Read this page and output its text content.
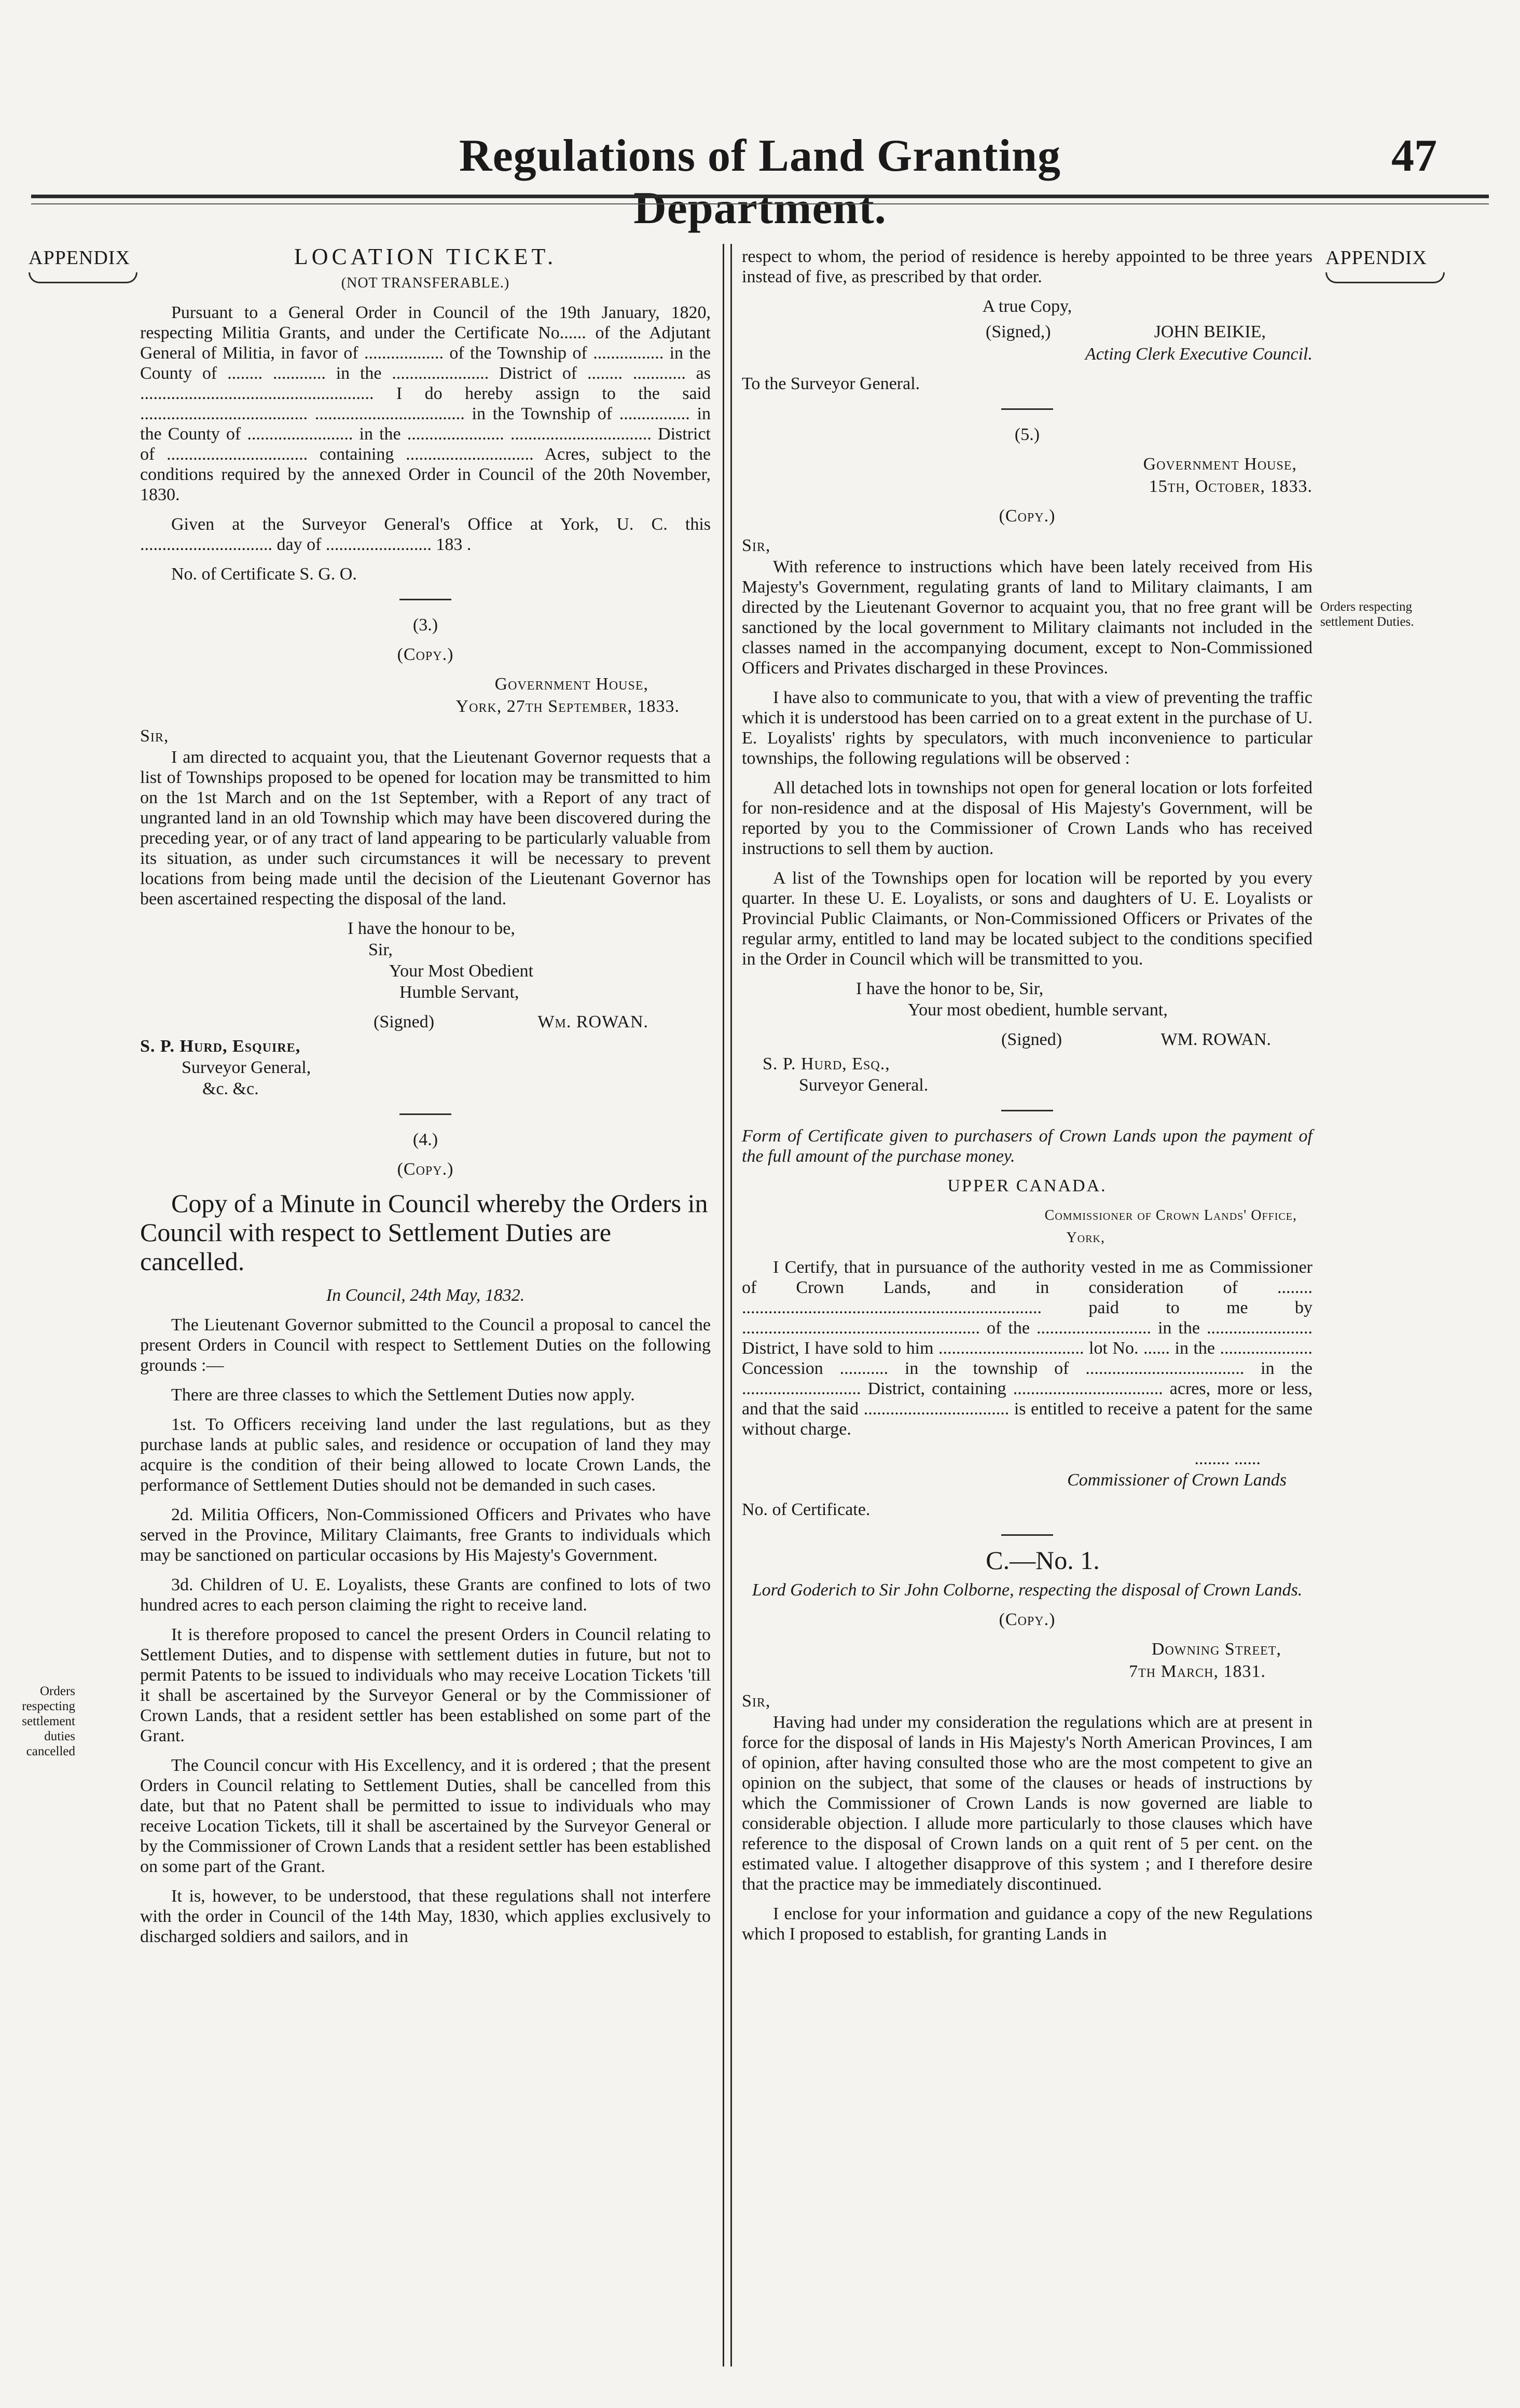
Regulations of Land Granting Department.
47
APPENDIX	APPENDIX
Orders respecting settlement Duties.
Orders respecting settlement duties cancelled
LOCATION TICKET.

(NOT TRANSFERABLE.)

Pursuant to a General Order in Council of the 19th January, 1820, respecting Militia Grants, and under the Certificate No...... of the Adjutant General of Militia, in favor of .................. of the Township of ................ in the County of ........ ............ in the ...................... District of ........ ............ as ..................................................... I do hereby assign to the said ...................................... .................................. in the Township of ................ in the County of ........................ in the ...................... ................................ District of ................................ containing ............................. Acres, subject to the conditions required by the annexed Order in Council of the 20th November, 1830.

Given at the Surveyor General's Office at York, U. C. this .............................. day of ........................ 183 .

No. of Certificate S. G. O.

(3.)

(Copy.)

Government House,

York, 27th September, 1833.

Sir,

I am directed to acquaint you, that the Lieutenant Governor requests that a list of Townships proposed to be opened for location may be transmitted to him on the 1st March and on the 1st September, with a Report of any tract of ungranted land in an old Township which may have been discovered during the preceding year, or of any tract of land appearing to be particularly valuable from its situation, as under such circumstances it will be necessary to prevent locations from being made until the decision of the Lieutenant Governor has been ascertained respecting the disposal of the land.

I have the honour to be,

Sir,

Your Most Obedient

Humble Servant,

(Signed)	Wm. ROWAN.

S. P. Hurd, Esquire,

Surveyor General,

&c. &c.

(4.)

(Copy.)

Copy of a Minute in Council whereby the Orders in Council with respect to Settlement Duties are cancelled.

In Council, 24th May, 1832.

The Lieutenant Governor submitted to the Council a proposal to cancel the present Orders in Council with respect to Settlement Duties on the following grounds :—

There are three classes to which the Settlement Duties now apply.

1st. To Officers receiving land under the last regulations, but as they purchase lands at public sales, and residence or occupation of land they may acquire is the condition of their being allowed to locate Crown Lands, the performance of Settlement Duties should not be demanded in such cases.

2d. Militia Officers, Non-Commissioned Officers and Privates who have served in the Province, Military Claimants, free Grants to individuals which may be sanctioned on particular occasions by His Majesty's Government.

3d. Children of U. E. Loyalists, these Grants are confined to lots of two hundred acres to each person claiming the right to receive land.

It is therefore proposed to cancel the present Orders in Council relating to Settlement Duties, and to dispense with settlement duties in future, but not to permit Patents to be issued to individuals who may receive Location Tickets 'till it shall be ascertained by the Surveyor General or by the Commissioner of Crown Lands, that a resident settler has been established on some part of the Grant.

The Council concur with His Excellency, and it is ordered ; that the present Orders in Council relating to Settlement Duties, shall be cancelled from this date, but that no Patent shall be permitted to issue to individuals who may receive Location Tickets, till it shall be ascertained by the Surveyor General or by the Commissioner of Crown Lands that a resident settler has been established on some part of the Grant.

It is, however, to be understood, that these regulations shall not interfere with the order in Council of the 14th May, 1830, which applies exclusively to discharged soldiers and sailors, and in

respect to whom, the period of residence is hereby appointed to be three years instead of five, as prescribed by that order.

A true Copy,

(Signed,)	JOHN BEIKIE,

Acting Clerk Executive Council.

To the Surveyor General.

(5.)

Government House,

15th, October, 1833.

(Copy.)

Sir,

With reference to instructions which have been lately received from His Majesty's Government, regulating grants of land to Military claimants, I am directed by the Lieutenant Governor to acquaint you, that no free grant will be sanctioned by the local government to Military claimants not included in the classes named in the accompanying document, except to Non-Commissioned Officers and Privates discharged in these Provinces.

I have also to communicate to you, that with a view of preventing the traffic which it is understood has been carried on to a great extent in the purchase of U. E. Loyalists' rights by speculators, with much inconvenience to particular townships, the following regulations will be observed :

All detached lots in townships not open for general location or lots forfeited for non-residence and at the disposal of His Majesty's Government, will be reported by you to the Commissioner of Crown Lands who has received instructions to sell them by auction.

A list of the Townships open for location will be reported by you every quarter. In these U. E. Loyalists, or sons and daughters of U. E. Loyalists or Provincial Public Claimants, or Non-Commissioned Officers or Privates of the regular army, entitled to land may be located subject to the conditions specified in the Order in Council which will be transmitted to you.

I have the honor to be, Sir,

Your most obedient, humble servant,

(Signed)	WM. ROWAN.

S. P. Hurd, Esq.,

Surveyor General.

Form of Certificate given to purchasers of Crown Lands upon the payment of the full amount of the purchase money.

UPPER CANADA.

Commissioner of Crown Lands' Office,

York,

I Certify, that in pursuance of the authority vested in me as Commissioner of Crown Lands, and in consideration of ........ .................................................................... paid to me by ...................................................... of the .......................... in the ........................ District, I have sold to him ................................. lot No. ...... in the ..................... Concession ........... in the township of .................................... in the ........................... District, containing .................................. acres, more or less, and that the said ................................. is entitled to receive a patent for the same without charge.

........ ......

Commissioner of Crown Lands

No. of Certificate.

C.—No. 1.

Lord Goderich to Sir John Colborne, respecting the disposal of Crown Lands.

(Copy.)

Downing Street,

7th March, 1831.

Sir,

Having had under my consideration the regulations which are at present in force for the disposal of lands in His Majesty's North American Provinces, I am of opinion, after having consulted those who are the most competent to give an opinion on the subject, that some of the clauses or heads of instructions by which the Commissioner of Crown Lands is now governed are liable to considerable objection. I allude more particularly to those clauses which have reference to the disposal of Crown lands on a quit rent of 5 per cent. on the estimated value. I altogether disapprove of this system ; and I therefore desire that the practice may be immediately discontinued.

I enclose for your information and guidance a copy of the new Regulations which I proposed to establish, for granting Lands in
